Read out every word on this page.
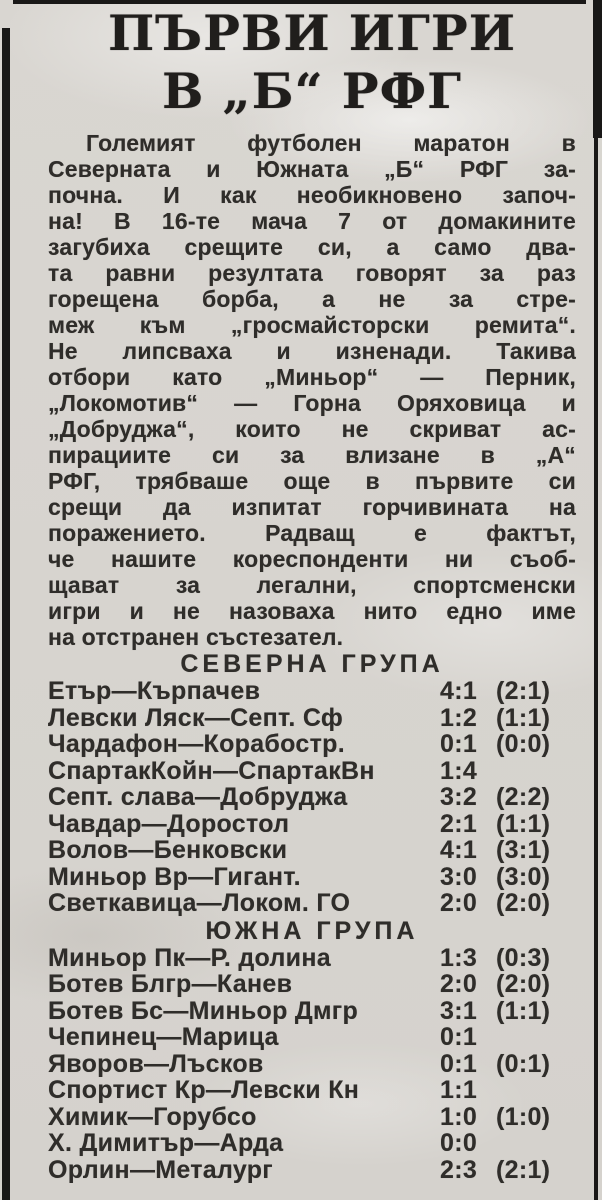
ПЪРВИ ИГРИ
В „Б“ РФГ
Големият футболен маратон в
Северната и Южната „Б“ РФГ за-
почна. И как необикновено започ-
на! В 16-те мача 7 от домакините
загубиха срещите си, а само два-
та равни резултата говорят за раз
горещена борба, а не за стре-
меж към „гросмайсторски ремита“.
Не липсваха и изненади. Такива
отбори като „Миньор“ — Перник,
„Локомотив“ — Горна Оряховица и
„Добруджа“, които не скриват ас-
пирациите си за влизане в „А“
РФГ, трябваше още в първите си
срещи да изпитат горчивината на
поражението. Радващ е фактът,
че нашите кореспонденти ни съоб-
щават за легални, спортсменски
игри и не назоваха нито едно име
на отстранен състезател.
СЕВЕРНА ГРУПА
Етър—Кърпачев	4:1 (2:1)
Левски Ляск—Септ. Сф	1:2 (1:1)
Чардафон—Корабостр.	0:1 (0:0)
СпартакКойн—СпартакВн	1:4
Септ. слава—Добруджа	3:2 (2:2)
Чавдар—Доростол	2:1 (1:1)
Волов—Бенковски	4:1 (3:1)
Миньор Вр—Гигант.	3:0 (3:0)
Светкавица—Локом. ГО	2:0 (2:0)
ЮЖНА ГРУПА
Миньор Пк—Р. долина	1:3 (0:3)
Ботев Блгр—Канев	2:0 (2:0)
Ботев Бс—Миньор Дмгр	3:1 (1:1)
Чепинец—Марица	0:1
Яворов—Лъсков	0:1 (0:1)
Спортист Кр—Левски Кн	1:1
Химик—Горубсо	1:0 (1:0)
Х. Димитър—Арда	0:0
Орлин—Металург	2:3 (2:1)
